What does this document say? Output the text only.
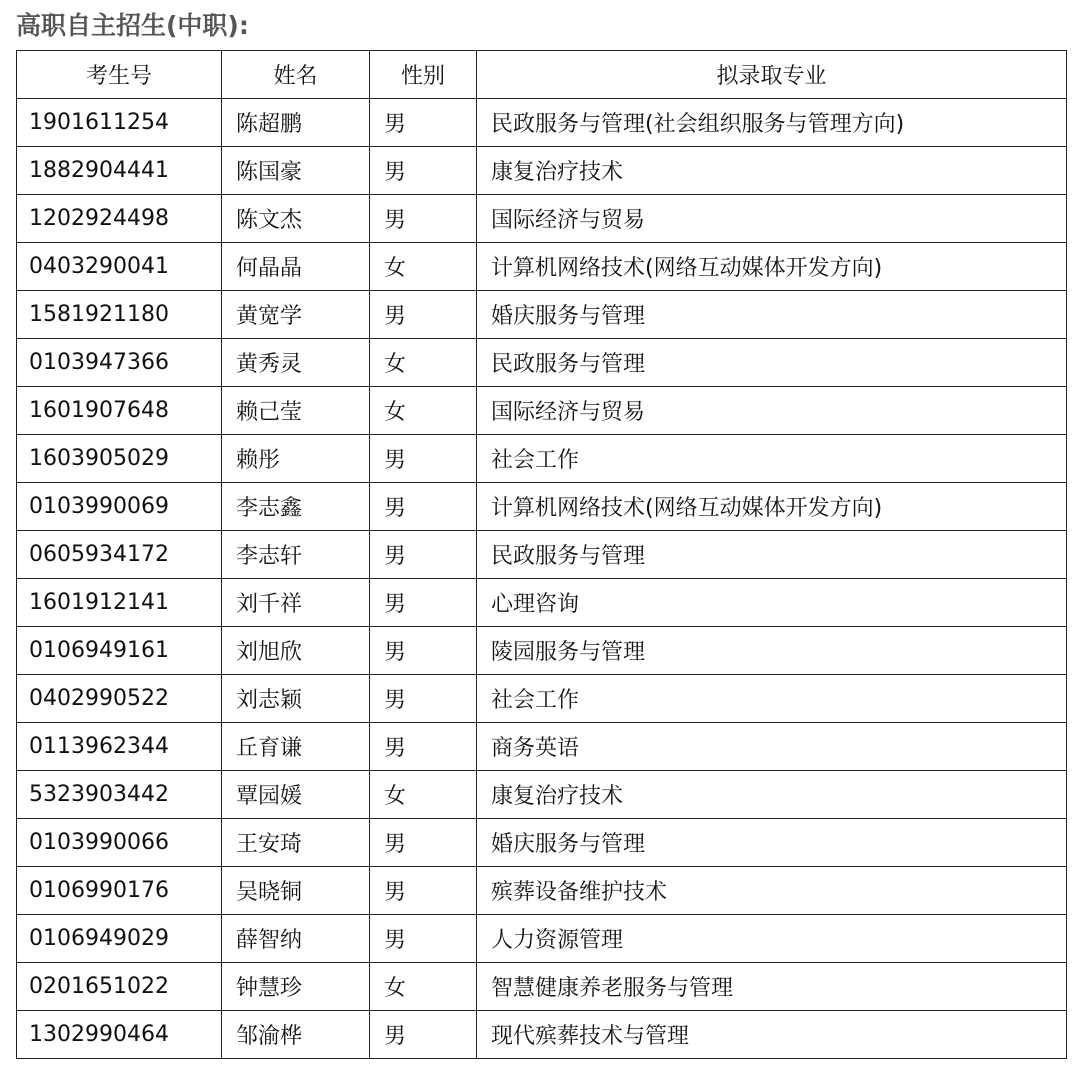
高职自主招生(中职):
考生号	姓名	性别	拟录取专业
1901611254	陈超鹏	男	民政服务与管理(社会组织服务与管理方向)
1882904441	陈国豪	男	康复治疗技术
1202924498	陈文杰	男	国际经济与贸易
0403290041	何晶晶	女	计算机网络技术(网络互动媒体开发方向)
1581921180	黄宽学	男	婚庆服务与管理
0103947366	黄秀灵	女	民政服务与管理
1601907648	赖己莹	女	国际经济与贸易
1603905029	赖彤	男	社会工作
0103990069	李志鑫	男	计算机网络技术(网络互动媒体开发方向)
0605934172	李志轩	男	民政服务与管理
1601912141	刘千祥	男	心理咨询
0106949161	刘旭欣	男	陵园服务与管理
0402990522	刘志颖	男	社会工作
0113962344	丘育谦	男	商务英语
5323903442	覃园媛	女	康复治疗技术
0103990066	王安琦	男	婚庆服务与管理
0106990176	吴晓铜	男	殡葬设备维护技术
0106949029	薛智纳	男	人力资源管理
0201651022	钟慧珍	女	智慧健康养老服务与管理
1302990464	邹渝桦	男	现代殡葬技术与管理
